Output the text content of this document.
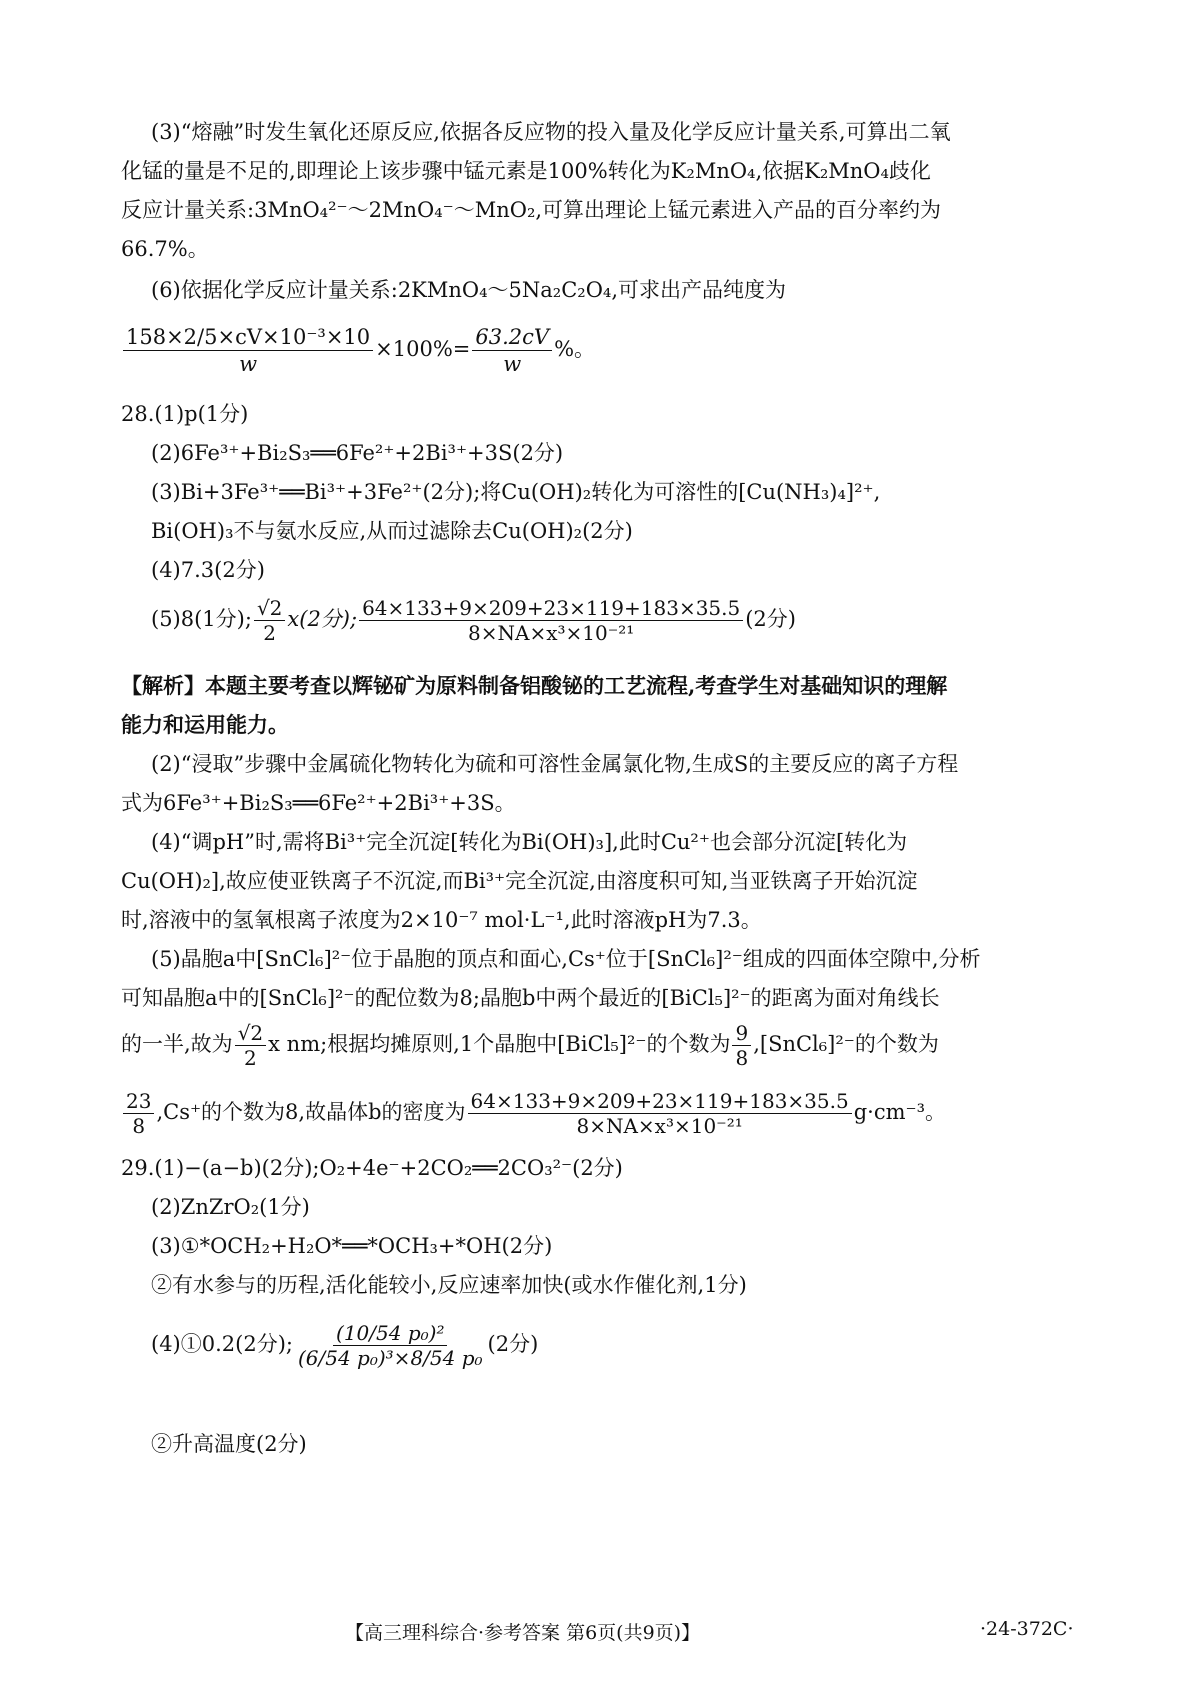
(3)“熔融”时发生氧化还原反应,依据各反应物的投入量及化学反应计量关系,可算出二氧
化锰的量是不足的,即理论上该步骤中锰元素是100%转化为K₂MnO₄,依据K₂MnO₄歧化
反应计量关系:3MnO₄²⁻～2MnO₄⁻～MnO₂,可算出理论上锰元素进入产品的百分率约为
66.7%。
(6)依据化学反应计量关系:2KMnO₄～5Na₂C₂O₄,可求出产品纯度为
$\frac{\text{158×2/5×cV×10⁻³×10}}{w} \times 100\%= \frac{63.2cV}{w}$ %。
28.(1)p(1分)
(2)6Fe³⁺+Bi₂S₃══6Fe²⁺+2Bi³⁺+3S(2分)
(3)Bi+3Fe³⁺══Bi³⁺+3Fe²⁺(2分);将Cu(OH)₂转化为可溶性的[Cu(NH₃)₄]²⁺,
Bi(OH)₃不与氨水反应,从而过滤除去Cu(OH)₂(2分)
(4)7.3(2分)
(5)8(1分); $\frac{√2}{2} x(2$分); $\frac{64\times 133+9\times 209+23\times 119+183\times 35.5}{\text{8×NA×x³×10⁻²¹}} (2$分)
【解析】本题主要考查以辉铋矿为原料制备铝酸铋的工艺流程,考查学生对基础知识的理解
能力和运用能力。
(2)“浸取”步骤中金属硫化物转化为硫和可溶性金属氯化物,生成S的主要反应的离子方程
式为6Fe³⁺+Bi₂S₃══6Fe²⁺+2Bi³⁺+3S。
(4)“调pH”时,需将Bi³⁺完全沉淀[转化为Bi(OH)₃],此时Cu²⁺也会部分沉淀[转化为
Cu(OH)₂],故应使亚铁离子不沉淀,而Bi³⁺完全沉淀,由溶度积可知,当亚铁离子开始沉淀
时,溶液中的氢氧根离子浓度为2×10⁻⁷ mol·L⁻¹,此时溶液pH为7.3。
(5)晶胞a中[SnCl₆]²⁻位于晶胞的顶点和面心,Cs⁺位于[SnCl₆]²⁻组成的四面体空隙中,分析
可知晶胞a中的[SnCl₆]²⁻的配位数为8;晶胞b中两个最近的[BiCl₅]²⁻的距离为面对角线长
的一半,故为 $\frac{√2}{2}$ x nm;根据均摊原则,1个晶胞中[BiCl₅]²⁻的个数为 $\frac{9}{8}$ ,[SnCl₆]²⁻的个数为
$\frac{23}{8} ,Cs^+$的个数为8,故晶体b的密度为 $\frac{64\times 133+9\times 209+23\times 119+183\times 35.5}{\text{8×NA×x³×10⁻²¹}} g\cdot cm^{-3}$。
29.(1)−(a−b)(2分);O₂+4e⁻+2CO₂══2CO₃²⁻(2分)
(2)ZnZrO₂(1分)
(3)①*OCH₂+H₂O*══*OCH₃+*OH(2分)
②有水参与的历程,活化能较小,反应速率加快(或水作催化剂,1分)
(4)①0.2(2分); $\frac{\text{(10/54 p₀)²}}{\text{(6/54 p₀)³×8/54 p₀}} (2$分)
②升高温度(2分)
【高三理科综合·参考答案 第6页(共9页)】	·24-372C·
